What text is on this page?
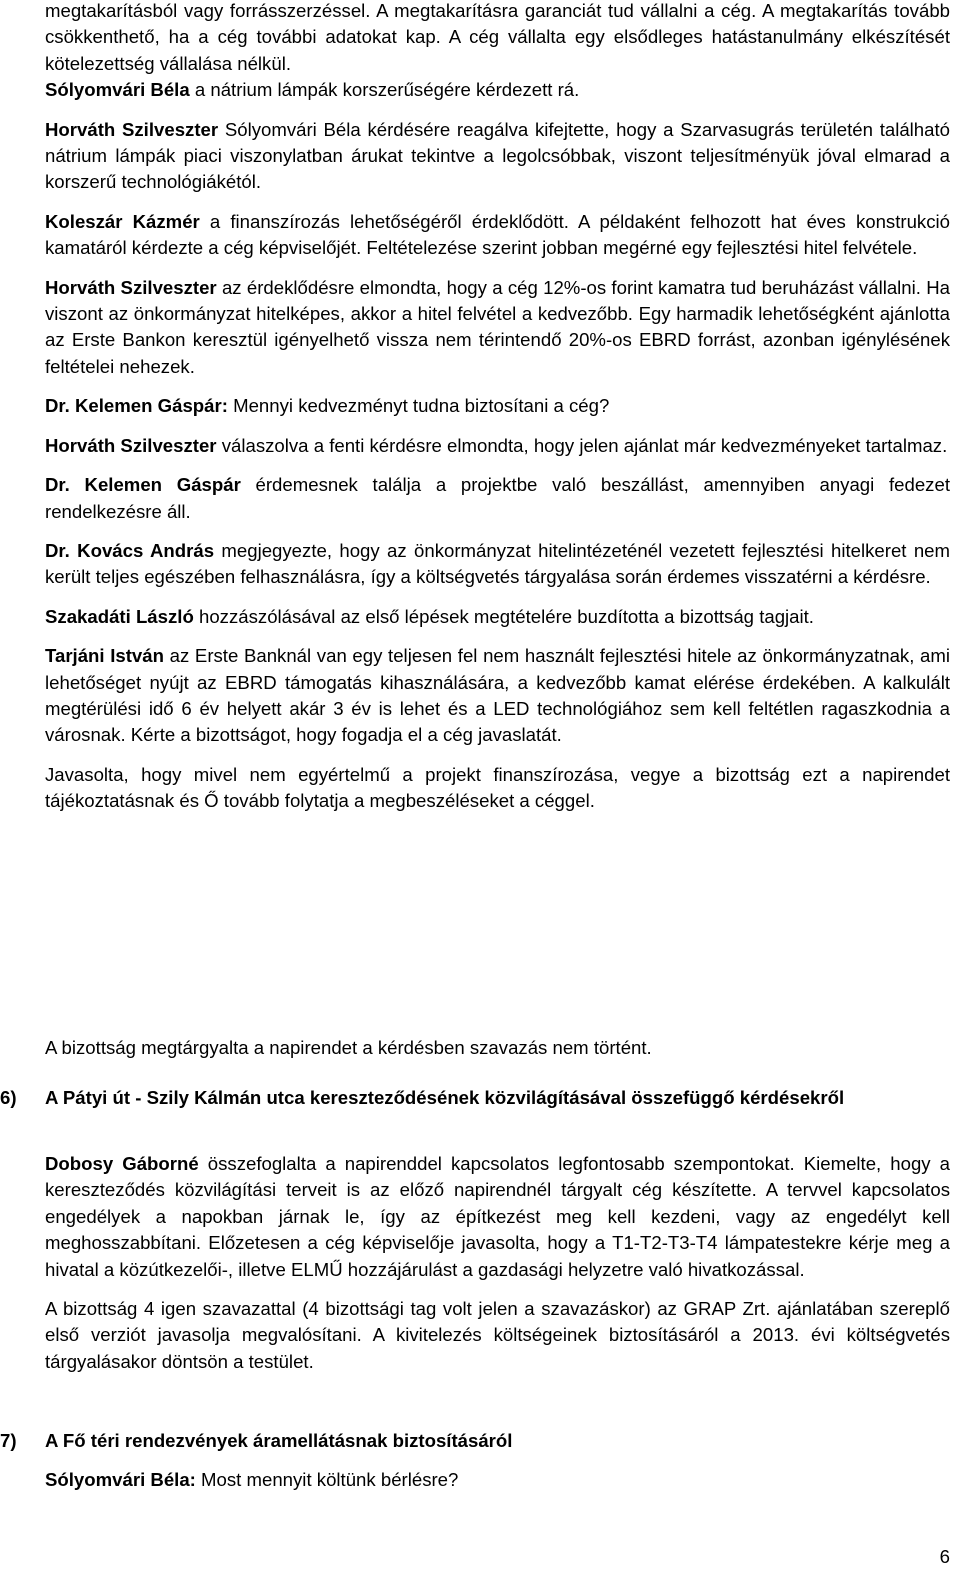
megtakarításból vagy forrásszerzéssel. A megtakarításra garanciát tud vállalni a cég. A megtakarítás tovább csökkenthető, ha a cég további adatokat kap. A cég vállalta egy elsődleges hatástanulmány elkészítését kötelezettség vállalása nélkül.

Sólyomvári Béla a nátrium lámpák korszerűségére kérdezett rá.

Horváth Szilveszter Sólyomvári Béla kérdésére reagálva kifejtette, hogy a Szarvasugrás területén található nátrium lámpák piaci viszonylatban árukat tekintve a legolcsóbbak, viszont teljesítményük jóval elmarad a korszerű technológiákétól.

Koleszár Kázmér a finanszírozás lehetőségéről érdeklődött. A példaként felhozott hat éves konstrukció kamatáról kérdezte a cég képviselőjét. Feltételezése szerint jobban megérné egy fejlesztési hitel felvétele.

Horváth Szilveszter az érdeklődésre elmondta, hogy a cég 12%-os forint kamatra tud beruházást vállalni. Ha viszont az önkormányzat hitelképes, akkor a hitel felvétel a kedvezőbb. Egy harmadik lehetőségként ajánlotta az Erste Bankon keresztül igényelhető vissza nem térintendő 20%-os EBRD forrást, azonban igénylésének feltételei nehezek.

Dr. Kelemen Gáspár: Mennyi kedvezményt tudna biztosítani a cég?

Horváth Szilveszter válaszolva a fenti kérdésre elmondta, hogy jelen ajánlat már kedvezményeket tartalmaz.

Dr. Kelemen Gáspár érdemesnek találja a projektbe való beszállást, amennyiben anyagi fedezet rendelkezésre áll.

Dr. Kovács András megjegyezte, hogy az önkormányzat hitelintézeténél vezetett fejlesztési hitelkeret nem került teljes egészében felhasználásra, így a költségvetés tárgyalása során érdemes visszatérni a kérdésre.

Szakadáti László hozzászólásával az első lépések megtételére buzdította a bizottság tagjait.

Tarjáni István az Erste Banknál van egy teljesen fel nem használt fejlesztési hitele az önkormányzatnak, ami lehetőséget nyújt az EBRD támogatás kihasználására, a kedvezőbb kamat elérése érdekében. A kalkulált megtérülési idő 6 év helyett akár 3 év is lehet és a LED technológiához sem kell feltétlen ragaszkodnia a városnak. Kérte a bizottságot, hogy fogadja el a cég javaslatát.

Javasolta, hogy mivel nem egyértelmű a projekt finanszírozása, vegye a bizottság ezt a napirendet tájékoztatásnak és Ő tovább folytatja a megbeszéléseket a céggel.

A bizottság megtárgyalta a napirendet a kérdésben szavazás nem történt.

6) A Pátyi út - Szily Kálmán utca kereszteződésének közvilágításával összefüggő kérdésekről

Dobosy Gáborné összefoglalta a napirenddel kapcsolatos legfontosabb szempontokat. Kiemelte, hogy a kereszteződés közvilágítási terveit is az előző napirendnél tárgyalt cég készítette. A tervvel kapcsolatos engedélyek a napokban járnak le, így az építkezést meg kell kezdeni, vagy az engedélyt kell meghosszabbítani. Előzetesen a cég képviselője javasolta, hogy a T1-T2-T3-T4 lámpatestekre kérje meg a hivatal a közútkezelői-, illetve ELMŰ hozzájárulást a gazdasági helyzetre való hivatkozással.

A bizottság 4 igen szavazattal (4 bizottsági tag volt jelen a szavazáskor) az GRAP Zrt. ajánlatában szereplő első verziót javasolja megvalósítani. A kivitelezés költségeinek biztosításáról a 2013. évi költségvetés tárgyalásakor döntsön a testület.

7) A Fő téri rendezvények áramellátásnak biztosításáról

Sólyomvári Béla: Most mennyit költünk bérlésre?

6
